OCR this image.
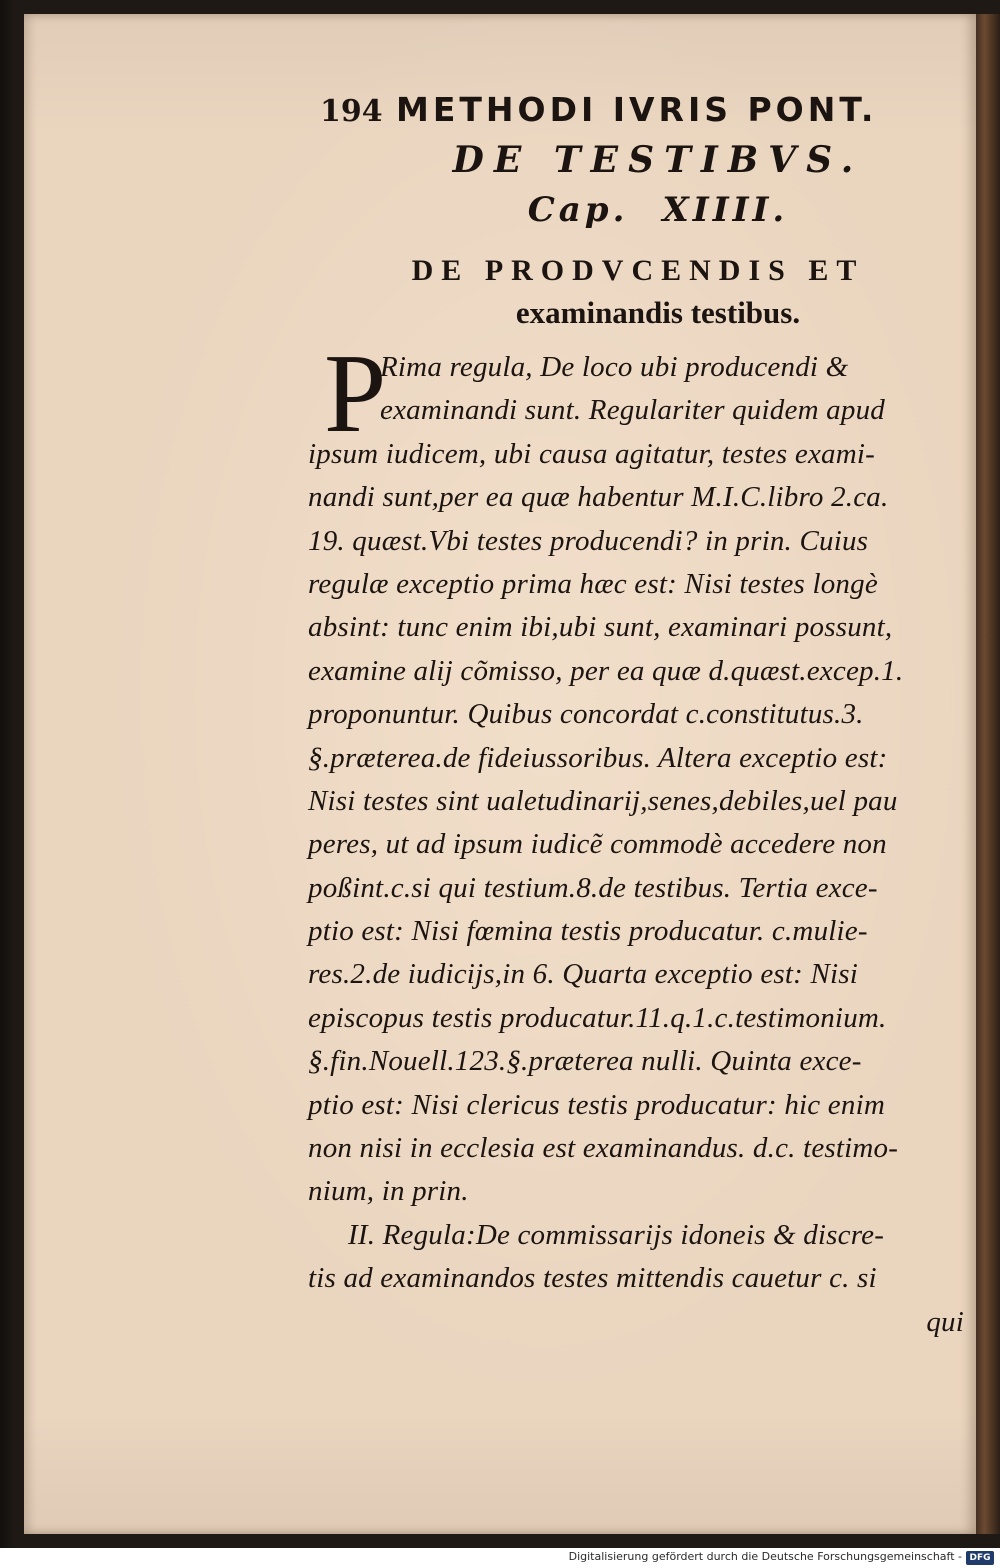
194 METHODI IVRIS PONT.
DE TESTIBVS.
Cap. XIIII.
DE PRODVCENDIS ET
examinandis testibus.
P
Rima regula, De loco ubi producendi &
examinandi sunt. Regulariter quidem apud
ipsum iudicem, ubi causa agitatur, testes exami-
nandi sunt,per ea quæ habentur M.I.C.libro 2.ca.
19. quæst.Vbi testes producendi? in prin. Cuius
regulæ exceptio prima hæc est: Nisi testes longè
absint: tunc enim ibi,ubi sunt, examinari possunt,
examine alij cõmisso, per ea quæ d.quæst.excep.1.
proponuntur. Quibus concordat c.constitutus.3.
§.præterea.de fideiussoribus. Altera exceptio est:
Nisi testes sint ualetudinarij,senes,debiles,uel pau
peres, ut ad ipsum iudicẽ commodè accedere non
poßint.c.si qui testium.8.de testibus. Tertia exce-
ptio est: Nisi fœmina testis producatur. c.mulie-
res.2.de iudicijs,in 6. Quarta exceptio est: Nisi
episcopus testis producatur.11.q.1.c.testimonium.
§.fin.Nouell.123.§.præterea nulli. Quinta exce-
ptio est: Nisi clericus testis producatur: hic enim
non nisi in ecclesia est examinandus. d.c. testimo-
nium, in prin.
II. Regula:De commissarijs idoneis & discre-
tis ad examinandos testes mittendis cauetur c. si
qui
Digitalisierung gefördert durch die Deutsche Forschungsgemeinschaft - DFG
